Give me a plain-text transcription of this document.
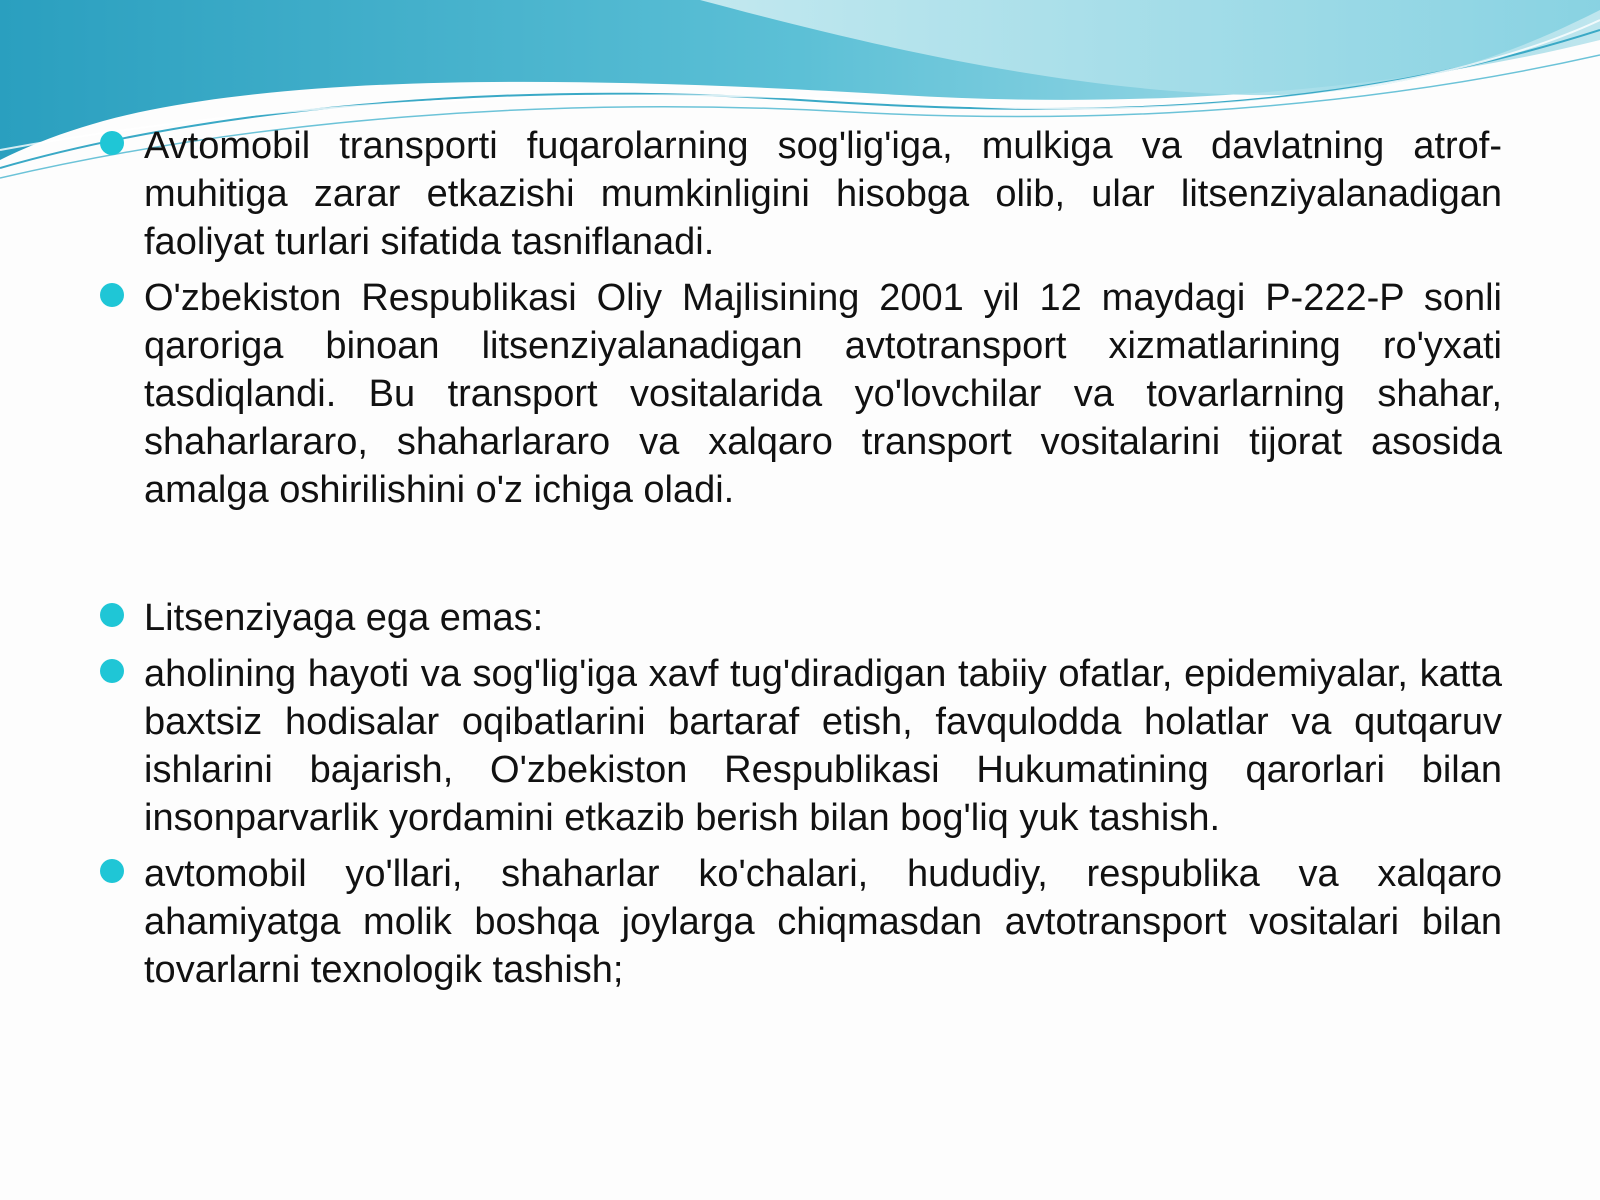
Avtomobil transporti fuqarolarning sog'lig'iga, mulkiga va davlatning atrof-muhitiga zarar etkazishi mumkinligini hisobga olib, ular litsenziyalanadigan faoliyat turlari sifatida tasniflanadi.
O'zbekiston Respublikasi Oliy Majlisining 2001 yil 12 maydagi P-222-P sonli qaroriga binoan litsenziyalanadigan avtotransport xizmatlarining ro'yxati tasdiqlandi. Bu transport vositalarida yo'lovchilar va tovarlarning shahar, shaharlararo, shaharlararo va xalqaro transport vositalarini tijorat asosida amalga oshirilishini o'z ichiga oladi.
Litsenziyaga ega emas:
aholining hayoti va sog'lig'iga xavf tug'diradigan tabiiy ofatlar, epidemiyalar, katta baxtsiz hodisalar oqibatlarini bartaraf etish, favqulodda holatlar va qutqaruv ishlarini bajarish, O'zbekiston Respublikasi Hukumatining qarorlari bilan insonparvarlik yordamini etkazib berish bilan bog'liq yuk tashish.
avtomobil yo'llari, shaharlar ko'chalari, hududiy, respublika va xalqaro ahamiyatga molik boshqa joylarga chiqmasdan avtotransport vositalari bilan tovarlarni texnologik tashish;
